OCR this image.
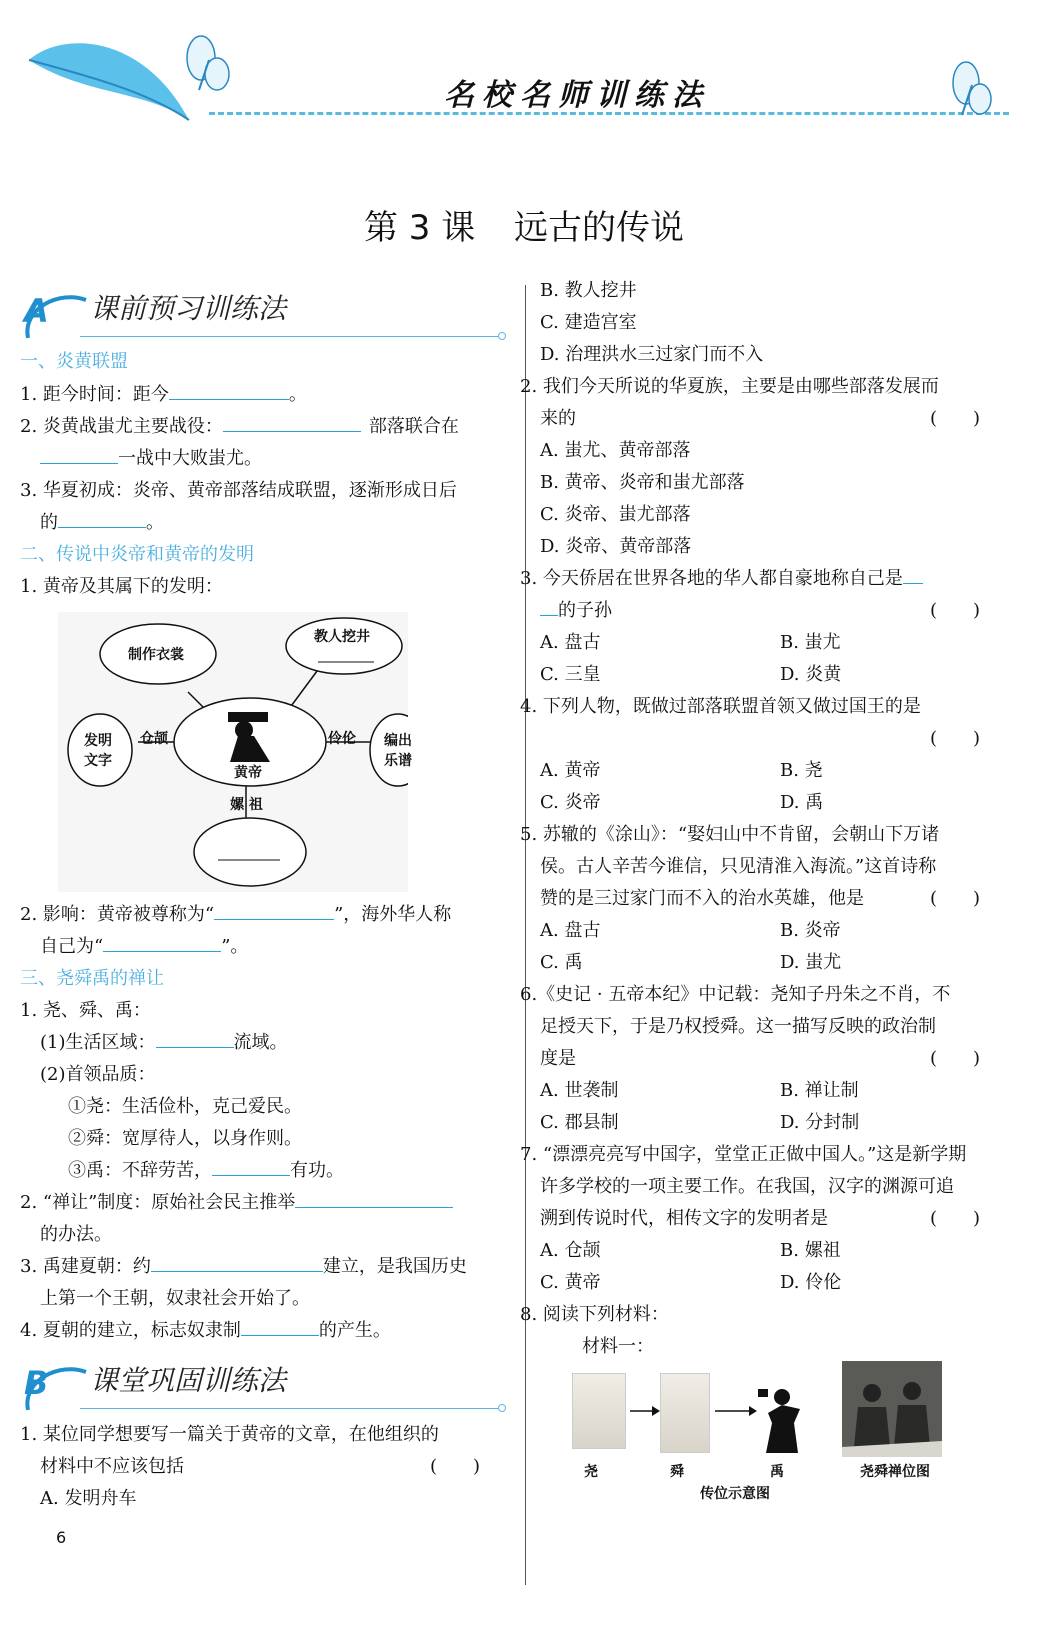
名校名师训练法
第 3 课 远古的传说
A 课前预习训练法
一、炎黄联盟
1. 距今时间：距今	。
2. 炎黄战蚩尤主要战役：	部落联合在
一战中大败蚩尤。
3. 华夏初成：炎帝、黄帝部落结成联盟，逐渐形成日后
的	。
二、传说中炎帝和黄帝的发明
1. 黄帝及其属下的发明：
制作衣裳
教人挖井
发明
文字
编出
乐谱
仓颉	伶伦
黄帝
嫘 祖
2. 影响：黄帝被尊称为“	”，海外华人称
自己为“	”。
三、尧舜禹的禅让
1. 尧、舜、禹：
(1)生活区域：	流域。
(2)首领品质：
①尧：生活俭朴，克己爱民。
②舜：宽厚待人，以身作则。
③禹：不辞劳苦，	有功。
2. “禅让”制度：原始社会民主推举
的办法。
3. 禹建夏朝：约	建立，是我国历史
上第一个王朝，奴隶社会开始了。
4. 夏朝的建立，标志奴隶制	的产生。
B 课堂巩固训练法
1. 某位同学想要写一篇关于黄帝的文章，在他组织的
材料中不应该包括	(　　)
A. 发明舟车
B. 教人挖井
C. 建造宫室
D. 治理洪水三过家门而不入
2. 我们今天所说的华夏族，主要是由哪些部落发展而
来的	(　　)
A. 蚩尤、黄帝部落
B. 黄帝、炎帝和蚩尤部落
C. 炎帝、蚩尤部落
D. 炎帝、黄帝部落
3. 今天侨居在世界各地的华人都自豪地称自己是
的子孙	(　　)
A. 盘古	B. 蚩尤
C. 三皇	D. 炎黄
4. 下列人物，既做过部落联盟首领又做过国王的是
(　　)
A. 黄帝	B. 尧
C. 炎帝	D. 禹
5. 苏辙的《涂山》：“娶妇山中不肯留，会朝山下万诸
侯。古人辛苦今谁信，只见清淮入海流。”这首诗称
赞的是三过家门而不入的治水英雄，他是	(　　)
A. 盘古	B. 炎帝
C. 禹	D. 蚩尤
6.《史记 · 五帝本纪》中记载：尧知子丹朱之不肖，不
足授天下，于是乃权授舜。这一描写反映的政治制
度是	(　　)
A. 世袭制	B. 禅让制
C. 郡县制	D. 分封制
7. “漂漂亮亮写中国字，堂堂正正做中国人。”这是新学期
许多学校的一项主要工作。在我国，汉字的渊源可追
溯到传说时代，相传文字的发明者是	(　　)
A. 仓颉	B. 嫘祖
C. 黄帝	D. 伶伦
8. 阅读下列材料：
材料一：
尧	舜	禹	尧舜禅位图
传位示意图
6
